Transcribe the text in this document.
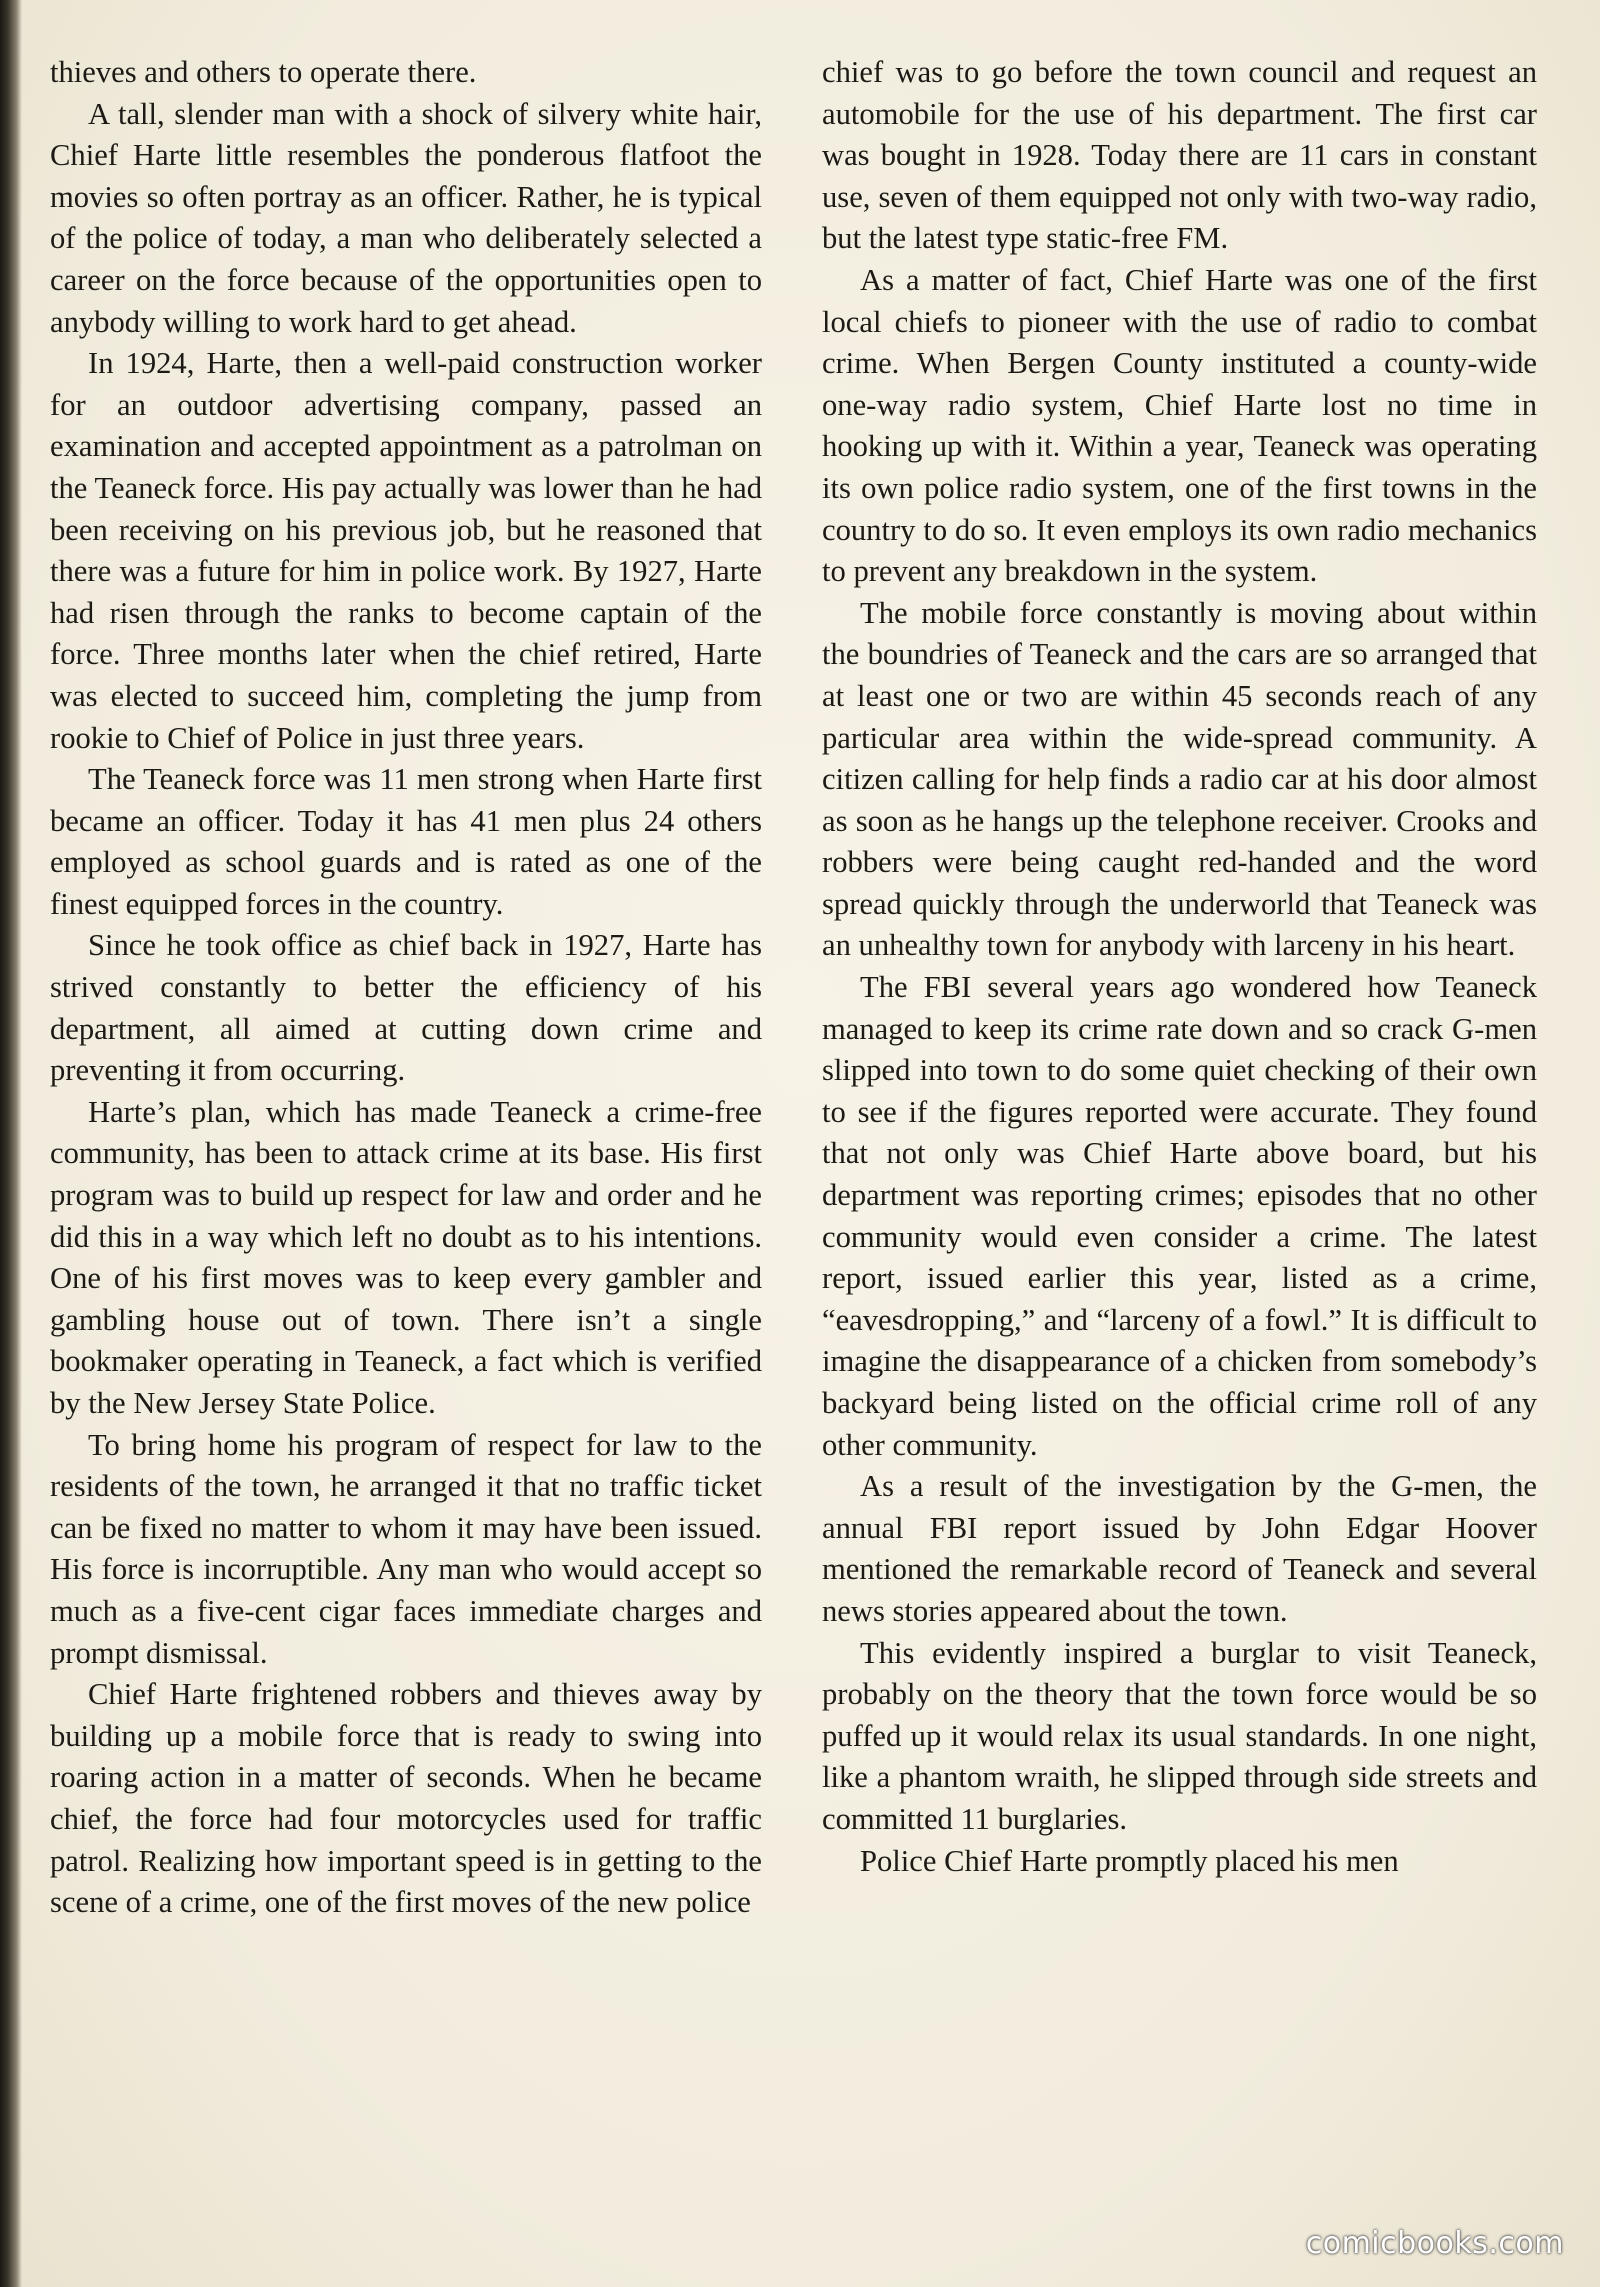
thieves and others to operate there.

A tall, slender man with a shock of silvery white hair, Chief Harte little resembles the ponderous flatfoot the movies so often portray as an officer. Rather, he is typical of the police of today, a man who deliberately selected a career on the force because of the opportunities open to anybody willing to work hard to get ahead.

In 1924, Harte, then a well-paid construction worker for an outdoor advertising company, passed an examination and accepted appointment as a patrolman on the Teaneck force. His pay actually was lower than he had been receiving on his previous job, but he reasoned that there was a future for him in police work. By 1927, Harte had risen through the ranks to become captain of the force. Three months later when the chief retired, Harte was elected to succeed him, completing the jump from rookie to Chief of Police in just three years.

The Teaneck force was 11 men strong when Harte first became an officer. Today it has 41 men plus 24 others employed as school guards and is rated as one of the finest equipped forces in the country.

Since he took office as chief back in 1927, Harte has strived constantly to better the efficiency of his department, all aimed at cutting down crime and preventing it from occurring.

Harte’s plan, which has made Teaneck a crime-free community, has been to attack crime at its base. His first program was to build up respect for law and order and he did this in a way which left no doubt as to his intentions. One of his first moves was to keep every gambler and gambling house out of town. There isn’t a single bookmaker operating in Teaneck, a fact which is verified by the New Jersey State Police.

To bring home his program of respect for law to the residents of the town, he arranged it that no traffic ticket can be fixed no matter to whom it may have been issued. His force is incorruptible. Any man who would accept so much as a five-cent cigar faces immediate charges and prompt dismissal.

Chief Harte frightened robbers and thieves away by building up a mobile force that is ready to swing into roaring action in a matter of seconds. When he became chief, the force had four motorcycles used for traffic patrol. Realizing how important speed is in getting to the scene of a crime, one of the first moves of the new police

chief was to go before the town council and request an automobile for the use of his department. The first car was bought in 1928. Today there are 11 cars in constant use, seven of them equipped not only with two-way radio, but the latest type static-free FM.

As a matter of fact, Chief Harte was one of the first local chiefs to pioneer with the use of radio to combat crime. When Bergen County instituted a county-wide one-way radio system, Chief Harte lost no time in hooking up with it. Within a year, Teaneck was operating its own police radio system, one of the first towns in the country to do so. It even employs its own radio mechanics to prevent any breakdown in the system.

The mobile force constantly is moving about within the boundries of Teaneck and the cars are so arranged that at least one or two are within 45 seconds reach of any particular area within the wide-spread community. A citizen calling for help finds a radio car at his door almost as soon as he hangs up the telephone receiver. Crooks and robbers were being caught red-handed and the word spread quickly through the underworld that Teaneck was an unhealthy town for anybody with larceny in his heart.

The FBI several years ago wondered how Teaneck managed to keep its crime rate down and so crack G-men slipped into town to do some quiet checking of their own to see if the figures reported were accurate. They found that not only was Chief Harte above board, but his department was reporting crimes; episodes that no other community would even consider a crime. The latest report, issued earlier this year, listed as a crime, “eavesdropping,” and “larceny of a fowl.” It is difficult to imagine the disappearance of a chicken from somebody’s backyard being listed on the official crime roll of any other community.

As a result of the investigation by the G-men, the annual FBI report issued by John Edgar Hoover mentioned the remarkable record of Teaneck and several news stories appeared about the town.

This evidently inspired a burglar to visit Teaneck, probably on the theory that the town force would be so puffed up it would relax its usual standards. In one night, like a phantom wraith, he slipped through side streets and committed 11 burglaries.

Police Chief Harte promptly placed his men

comicbooks.com
